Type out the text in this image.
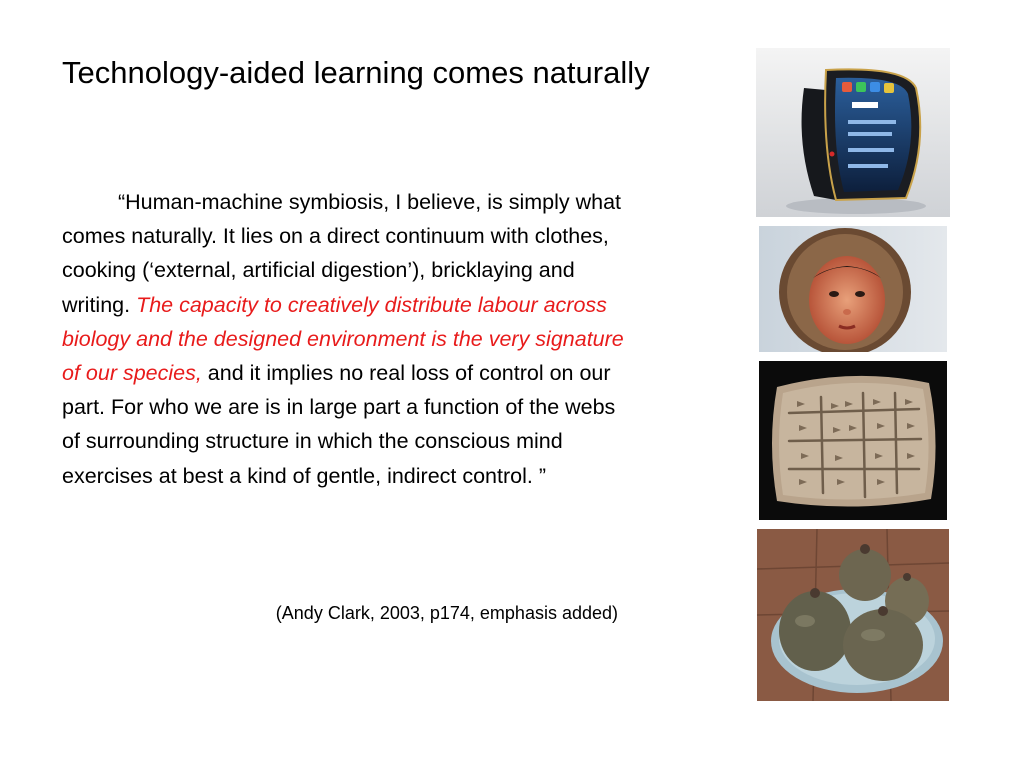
Technology-aided learning comes naturally

“Human-machine symbiosis, I believe, is simply what comes naturally. It lies on a direct continuum with clothes, cooking (‘external, artificial digestion’), bricklaying and writing. The capacity to creatively distribute labour across biology and the designed environment is the very signature of our species, and it implies no real loss of control on our part. For who we are is in large part a function of the webs of surrounding structure in which the conscious mind exercises at best a kind of gentle, indirect control. ”

(Andy Clark, 2003, p174, emphasis added)
